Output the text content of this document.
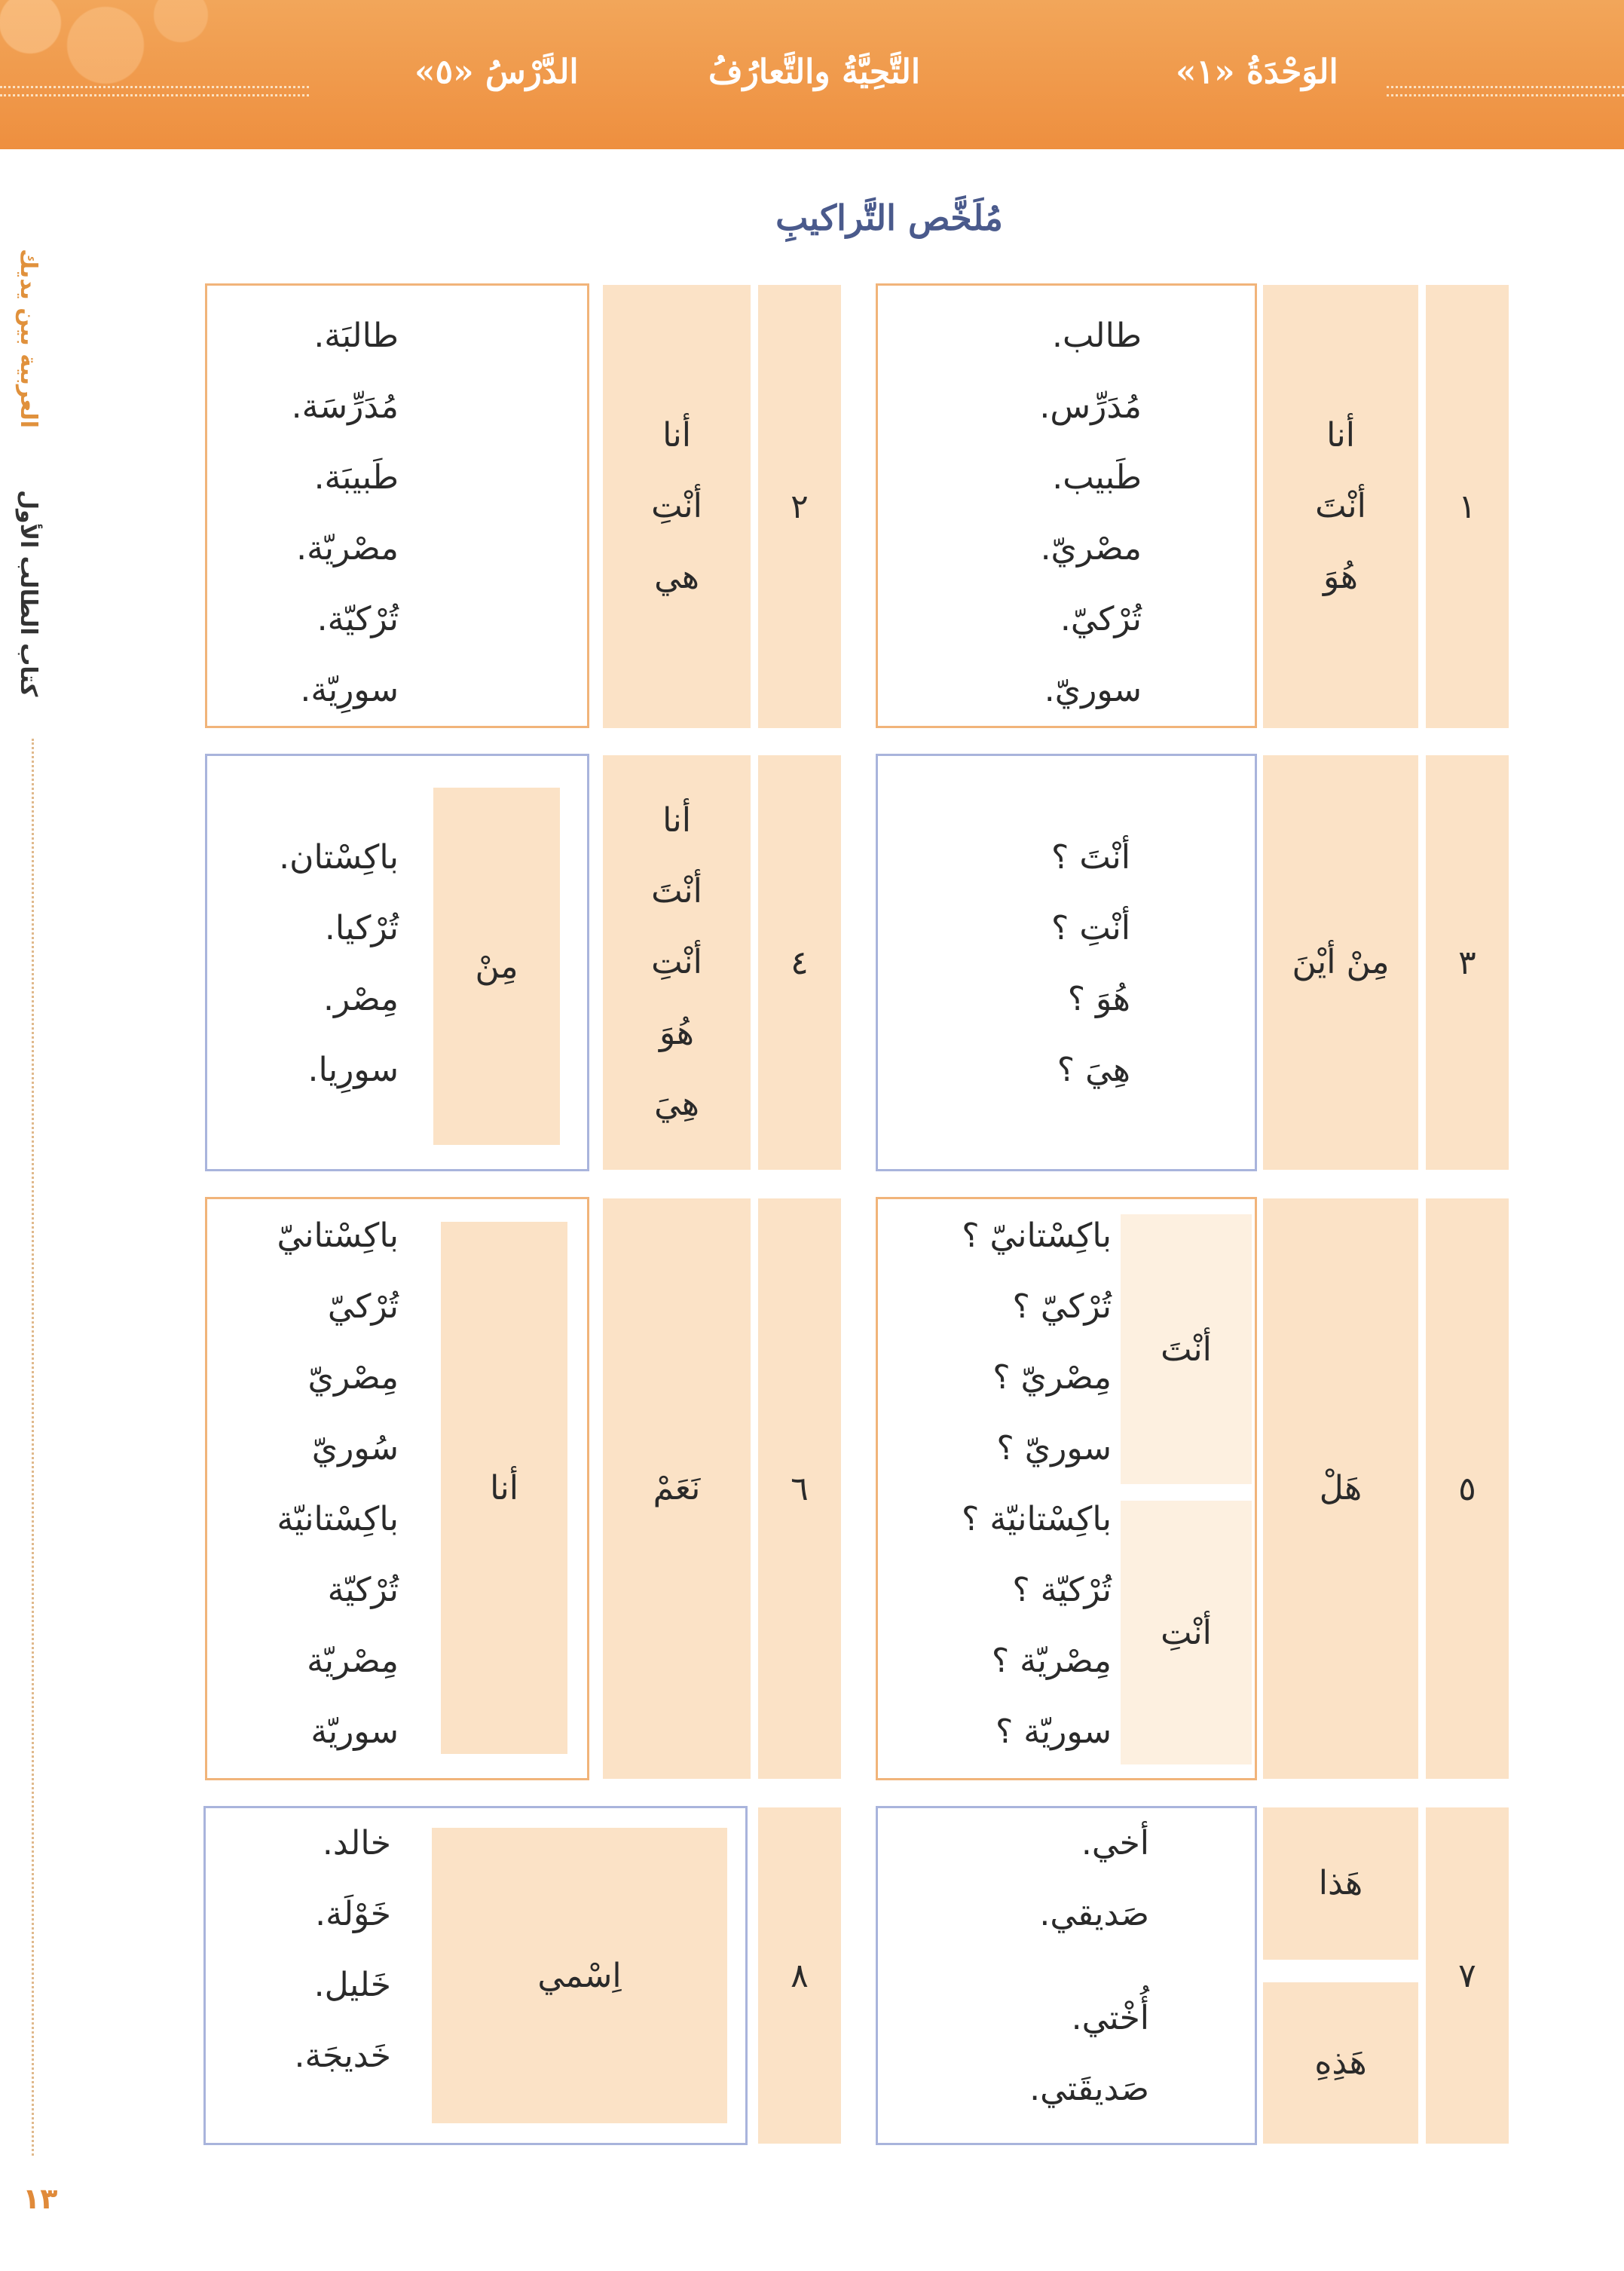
الوَحْدَةُ «١»
التَّحِيَّةُ والتَّعارُفُ
الدَّرْسُ «٥»
العربية بين يديك
كتاب الطالب الأول
١٣
مُلَخَّص التَّراكيبِ
١
أنا
أنْتَ
هُوَ
طالب.
مُدَرِّس.
طَبيب.
مصْريّ.
تُرْكيّ.
سوريّ.
٢
أنا
أنْتِ
هي
طالبَة.
مُدَرِّسَة.
طَبيبَة.
مصْريّة.
تُرْكيّة.
سورِيّة.
٣
مِنْ أيْنَ
أنْتَ ؟
أنْتِ ؟
هُوَ ؟
هِيَ ؟
٤
أنا
أنْتَ
أنْتِ
هُوَ
هِيَ
مِنْ
باكِسْتان.
تُرْكيا.
مِصْر.
سورِيا.
٥
هَلْ
أنْتَ
أنْتِ
باكِسْتانيّ ؟
تُرْكيّ ؟
مِصْريّ ؟
سوريّ ؟
باكِسْتانيّة ؟
تُرْكيّة ؟
مِصْريّة ؟
سوريّة ؟
٦
نَعَمْ
أنا
باكِسْتانيّ
تُرْكيّ
مِصْريّ
سُوريّ
باكِسْتانيّة
تُرْكيّة
مِصْريّة
سوريّة
٧
هَذا
هَذِهِ
أخي.
صَديقي.
أُخْتي.
صَديقَتي.
٨
اِسْمي
خالد.
خَوْلَة.
خَليل.
خَديجَة.
